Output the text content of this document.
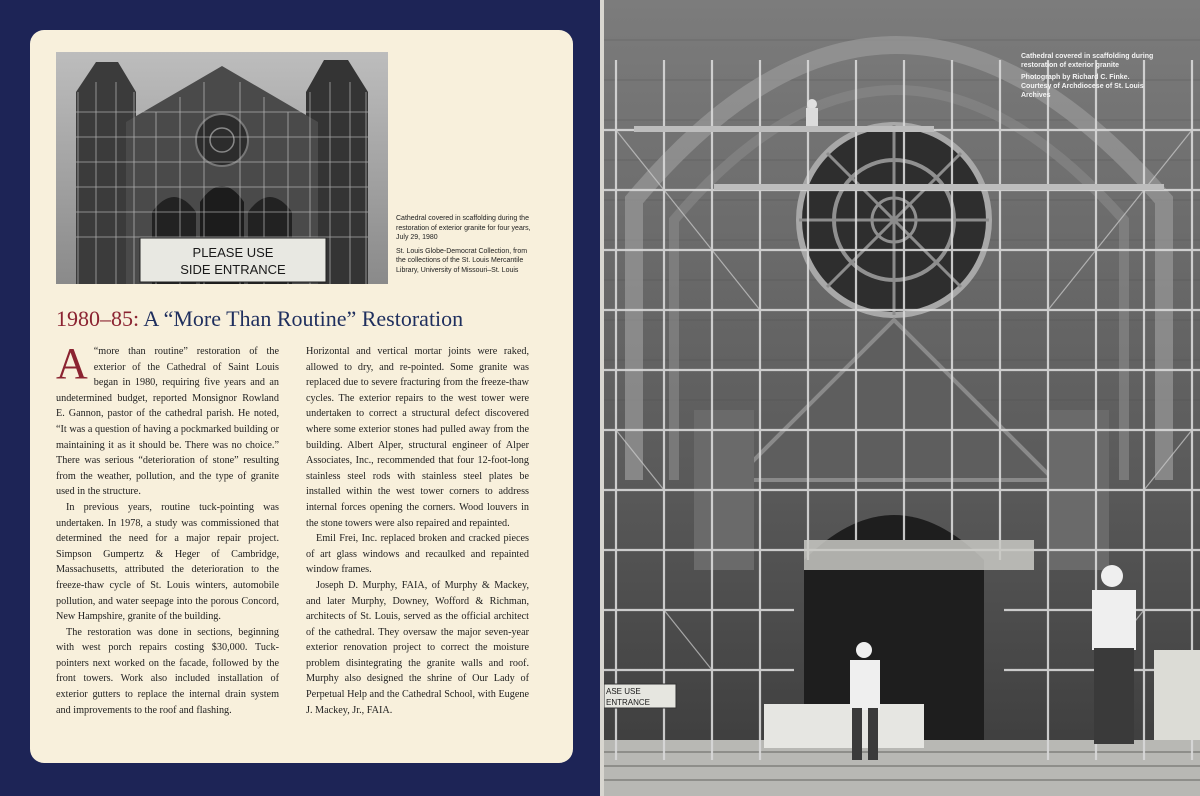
PLEASE USE
SIDE ENTRANCE

Cathedral covered in scaffolding during the restoration of exterior granite for four years, July 29, 1980

St. Louis Globe-Democrat Collection, from the collections of the St. Louis Mercantile Library, University of Missouri–St. Louis

1980–85: A “More Than Routine” Restoration

A “more than routine” restoration of the exterior of the Cathedral of Saint Louis began in 1980, requiring five years and an undetermined budget, reported Monsignor Rowland E. Gannon, pastor of the cathedral parish. He noted, “It was a question of having a pockmarked building or maintaining it as it should be. There was no choice.” There was serious “deterioration of stone” resulting from the weather, pollution, and the type of granite used in the structure.

In previous years, routine tuck-pointing was undertaken. In 1978, a study was commissioned that determined the need for a major repair project. Simpson Gumpertz & Heger of Cambridge, Massachusetts, attributed the deterioration to the freeze-thaw cycle of St. Louis winters, automobile pollution, and water seepage into the porous Concord, New Hampshire, granite of the building.

The restoration was done in sections, beginning with west porch repairs costing $30,000. Tuck-pointers next worked on the facade, followed by the front towers. Work also included installation of exterior gutters to replace the internal drain system and improvements to the roof and flashing.

Horizontal and vertical mortar joints were raked, allowed to dry, and re-pointed. Some granite was replaced due to severe fracturing from the freeze-thaw cycles. The exterior repairs to the west tower were undertaken to correct a structural defect discovered where some exterior stones had pulled away from the building. Albert Alper, structural engineer of Alper Associates, Inc., recommended that four 12-foot-long stainless steel rods with stainless steel plates be installed within the west tower corners to address internal forces opening the corners. Wood louvers in the stone towers were also repaired and repainted.

Emil Frei, Inc. replaced broken and cracked pieces of art glass windows and recaulked and repainted window frames.

Joseph D. Murphy, FAIA, of Murphy & Mackey, and later Murphy, Downey, Wofford & Richman, architects of St. Louis, served as the official architect of the cathedral. They oversaw the major seven-year exterior renovation project to correct the moisture problem disintegrating the granite walls and roof. Murphy also designed the shrine of Our Lady of Perpetual Help and the Cathedral School, with Eugene J. Mackey, Jr., FAIA.

ASE USE
ENTRANCE

Cathedral covered in scaffolding during restoration of exterior granite

Photograph by Richard C. Finke. Courtesy of Archdiocese of St. Louis Archives
